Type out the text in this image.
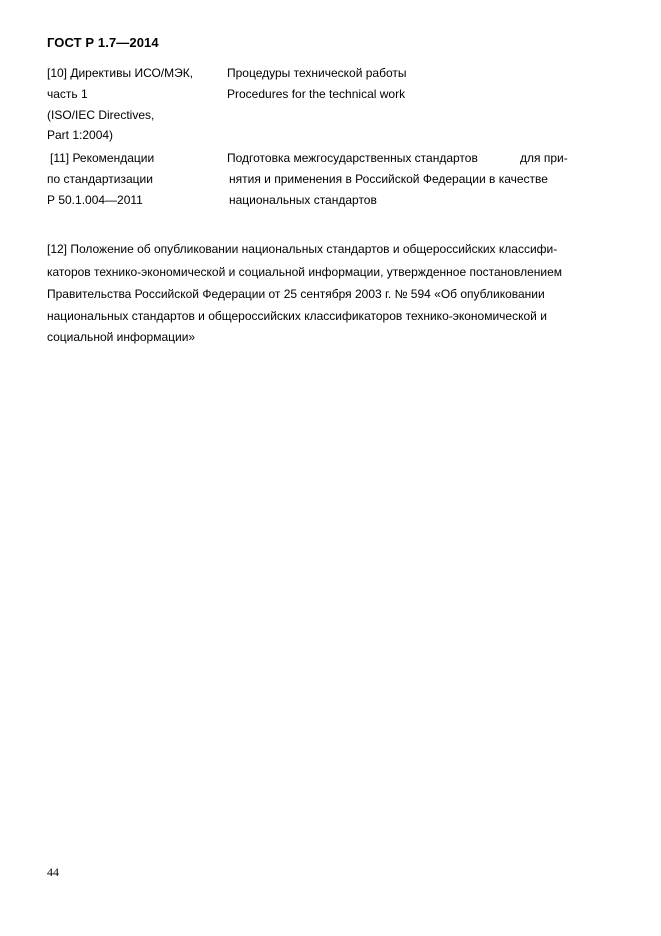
ГОСТ Р 1.7—2014
[10] Директивы ИСО/МЭК,
часть 1
(ISO/IEC Directives,
Part 1:2004)
Процедуры технической работы
Procedures for the technical work
[11] Рекомендации
по стандартизации
Р 50.1.004—2011
Подготовка межгосударственных стандартов	для при-
нятия и применения в Российской Федерации в качестве
национальных стандартов
[12] Положение об опубликовании национальных стандартов и общероссийских классифи-
каторов технико-экономической и социальной информации, утвержденное постановлением
Правительства Российской Федерации от 25 сентября 2003 г. № 594 «Об опубликовании
национальных стандартов и общероссийских классификаторов технико-экономической и
социальной информации»
44
